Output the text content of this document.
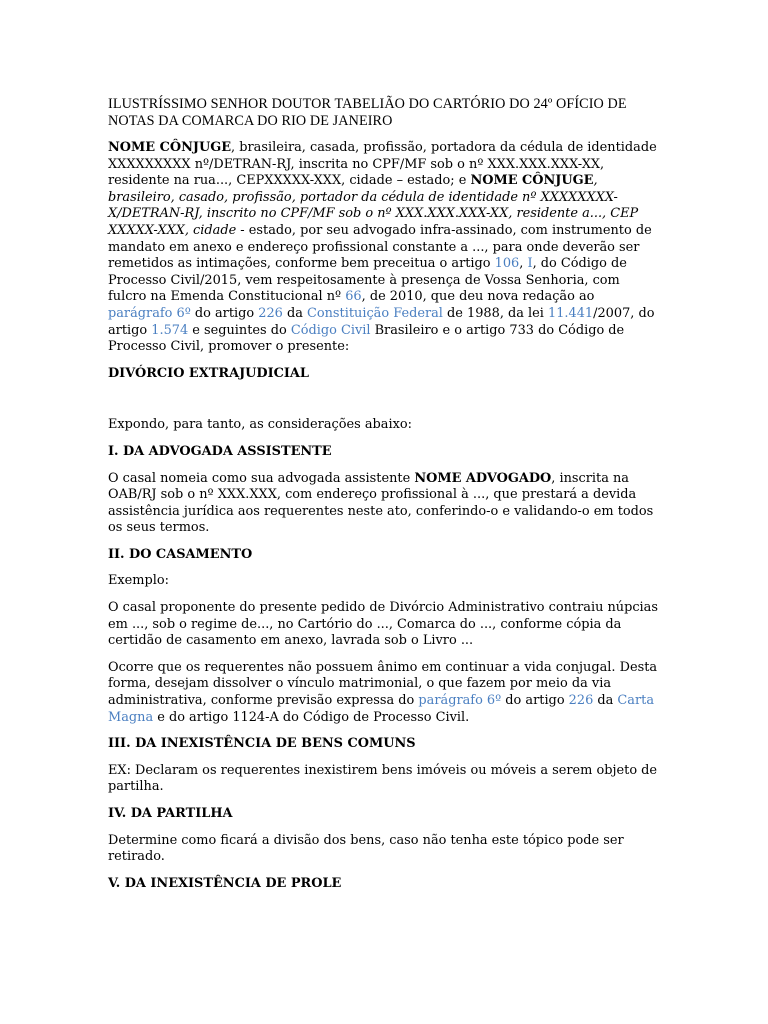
ILUSTRÍSSIMO SENHOR DOUTOR TABELIÃO DO CARTÓRIO DO 24º OFÍCIO DE NOTAS DA COMARCA DO RIO DE JANEIRO

NOME CÔNJUGE, brasileira, casada, profissão, portadora da cédula de identidade XXXXXXXXX nº/DETRAN-RJ, inscrita no CPF/MF sob o nº XXX.XXX.XXX-XX, residente na rua..., CEPXXXXX-XXX, cidade – estado; e NOME CÔNJUGE, brasileiro, casado, profissão, portador da cédula de identidade nº XXXXXXXX-X/DETRAN-RJ, inscrito no CPF/MF sob o nº XXX.XXX.XXX-XX, residente a..., CEP XXXXX-XXX, cidade - estado, por seu advogado infra-assinado, com instrumento de mandato em anexo e endereço profissional constante a ..., para onde deverão ser remetidos as intimações, conforme bem preceitua o artigo 106, I, do Código de Processo Civil/2015, vem respeitosamente à presença de Vossa Senhoria, com fulcro na Emenda Constitucional nº 66, de 2010, que deu nova redação ao parágrafo 6º do artigo 226 da Constituição Federal de 1988, da lei 11.441/2007, do artigo 1.574 e seguintes do Código Civil Brasileiro e o artigo 733 do Código de Processo Civil, promover o presente:

DIVÓRCIO EXTRAJUDICIAL

Expondo, para tanto, as considerações abaixo:

I. DA ADVOGADA ASSISTENTE

O casal nomeia como sua advogada assistente NOME ADVOGADO, inscrita na OAB/RJ sob o nº XXX.XXX, com endereço profissional à ..., que prestará a devida assistência jurídica aos requerentes neste ato, conferindo-o e validando-o em todos os seus termos.

II. DO CASAMENTO

Exemplo:

O casal proponente do presente pedido de Divórcio Administrativo contraiu núpcias em ..., sob o regime de..., no Cartório do ..., Comarca do ..., conforme cópia da certidão de casamento em anexo, lavrada sob o Livro ...

Ocorre que os requerentes não possuem ânimo em continuar a vida conjugal. Desta forma, desejam dissolver o vínculo matrimonial, o que fazem por meio da via administrativa, conforme previsão expressa do parágrafo 6º do artigo 226 da Carta Magna e do artigo 1124-A do Código de Processo Civil.

III. DA INEXISTÊNCIA DE BENS COMUNS

EX: Declaram os requerentes inexistirem bens imóveis ou móveis a serem objeto de partilha.

IV. DA PARTILHA

Determine como ficará a divisão dos bens, caso não tenha este tópico pode ser retirado.

V. DA INEXISTÊNCIA DE PROLE
